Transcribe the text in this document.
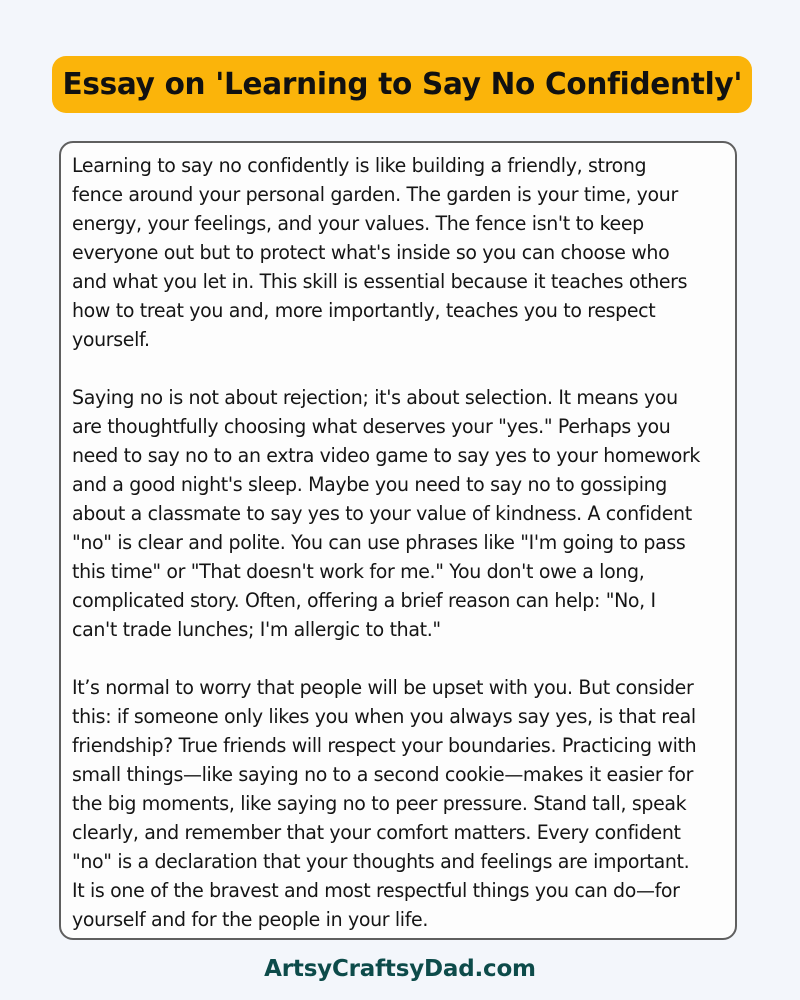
Essay on 'Learning to Say No Confidently'

Learning to say no confidently is like building a friendly, strong
fence around your personal garden. The garden is your time, your
energy, your feelings, and your values. The fence isn't to keep
everyone out but to protect what's inside so you can choose who
and what you let in. This skill is essential because it teaches others
how to treat you and, more importantly, teaches you to respect
yourself.

Saying no is not about rejection; it's about selection. It means you
are thoughtfully choosing what deserves your "yes." Perhaps you
need to say no to an extra video game to say yes to your homework
and a good night's sleep. Maybe you need to say no to gossiping
about a classmate to say yes to your value of kindness. A confident
"no" is clear and polite. You can use phrases like "I'm going to pass
this time" or "That doesn't work for me." You don't owe a long,
complicated story. Often, offering a brief reason can help: "No, I
can't trade lunches; I'm allergic to that."

It’s normal to worry that people will be upset with you. But consider
this: if someone only likes you when you always say yes, is that real
friendship? True friends will respect your boundaries. Practicing with
small things—like saying no to a second cookie—makes it easier for
the big moments, like saying no to peer pressure. Stand tall, speak
clearly, and remember that your comfort matters. Every confident
"no" is a declaration that your thoughts and feelings are important.
It is one of the bravest and most respectful things you can do—for
yourself and for the people in your life.

ArtsyCraftsyDad.com
